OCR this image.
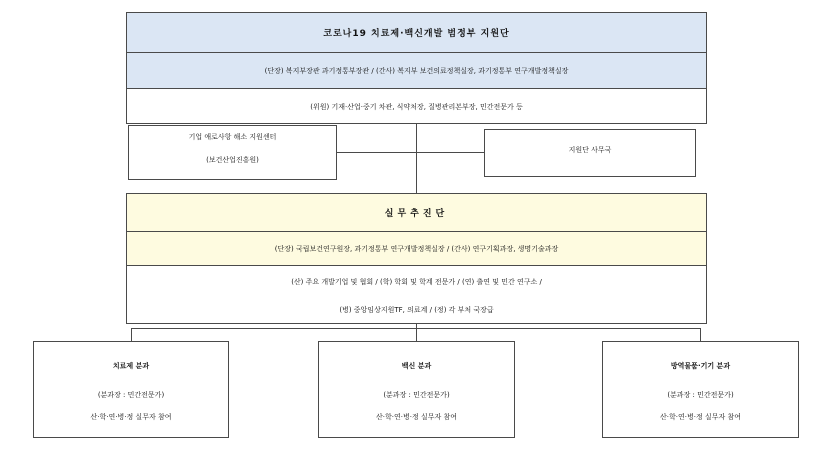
코로나19 치료제·백신개발 범정부 지원단
(단장) 복지부장관 과기정통부장관 / (간사) 복지부 보건의료정책실장, 과기정통부 연구개발정책실장
(위원) 기재·산업·중기 차관, 식약처장, 질병관리본부장, 민간전문가 등
기업 애로사항 해소 지원센터
(보건산업진흥원)
지원단 사무국
실무추진단
(단장) 국립보건연구원장, 과기정통부 연구개발정책실장 / (간사) 연구기획과장, 생명기술과장
(산) 주요 개발기업 및 협회 / (학) 학회 및 학계 전문가 / (연) 출연 및 민간 연구소 /
(병) 중앙임상지원TF, 의료계 / (정) 각 부처 국장급
치료제 분과
(분과장 : 민간전문가)
산·학·연·병·정 실무자 참여
백신 분과
(분과장 : 민간전문가)
산·학·연·병·정 실무자 참여
방역물품·기기 분과
(분과장 : 민간전문가)
산·학·연·병·정 실무자 참여
